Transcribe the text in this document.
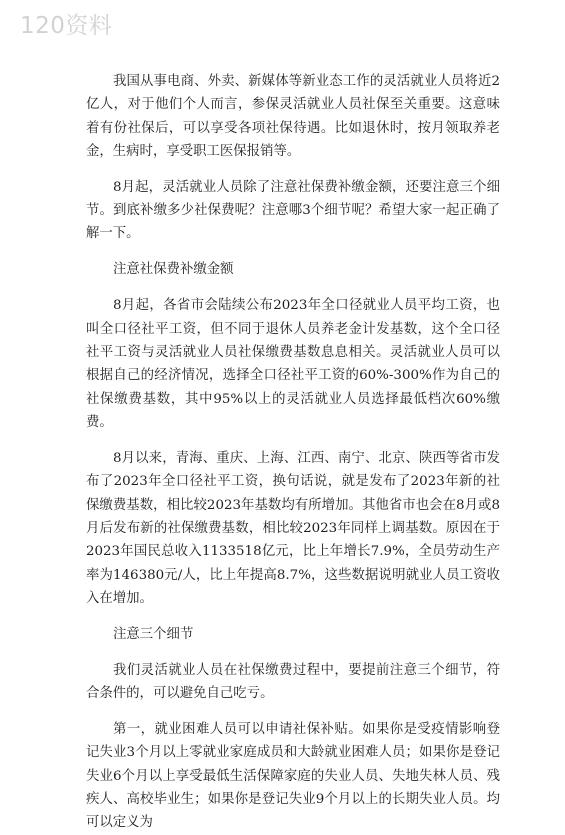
120资料

我国从事电商、外卖、新媒体等新业态工作的灵活就业人员将近2亿人，对于他们个人而言，参保灵活就业人员社保至关重要。这意味着有份社保后，可以享受各项社保待遇。比如退休时，按月领取养老金，生病时，享受职工医保报销等。

8月起，灵活就业人员除了注意社保费补缴金额，还要注意三个细节。到底补缴多少社保费呢？注意哪3个细节呢？希望大家一起正确了解一下。

注意社保费补缴金额

8月起，各省市会陆续公布2023年全口径就业人员平均工资，也叫全口径社平工资，但不同于退休人员养老金计发基数，这个全口径社平工资与灵活就业人员社保缴费基数息息相关。灵活就业人员可以根据自己的经济情况，选择全口径社平工资的60%-300%作为自己的社保缴费基数，其中95%以上的灵活就业人员选择最低档次60%缴费。

8月以来，青海、重庆、上海、江西、南宁、北京、陕西等省市发布了2023年全口径社平工资，换句话说，就是发布了2023年新的社保缴费基数，相比较2023年基数均有所增加。其他省市也会在8月或8月后发布新的社保缴费基数，相比较2023年同样上调基数。原因在于2023年国民总收入1133518亿元，比上年增长7.9%，全员劳动生产率为146380元/人，比上年提高8.7%，这些数据说明就业人员工资收入在增加。

注意三个细节

我们灵活就业人员在社保缴费过程中，要提前注意三个细节，符合条件的，可以避免自己吃亏。

第一，就业困难人员可以申请社保补贴。如果你是受疫情影响登记失业3个月以上零就业家庭成员和大龄就业困难人员；如果你是登记失业6个月以上享受最低生活保障家庭的失业人员、失地失林人员、残疾人、高校毕业生；如果你是登记失业9个月以上的长期失业人员。均可以定义为
